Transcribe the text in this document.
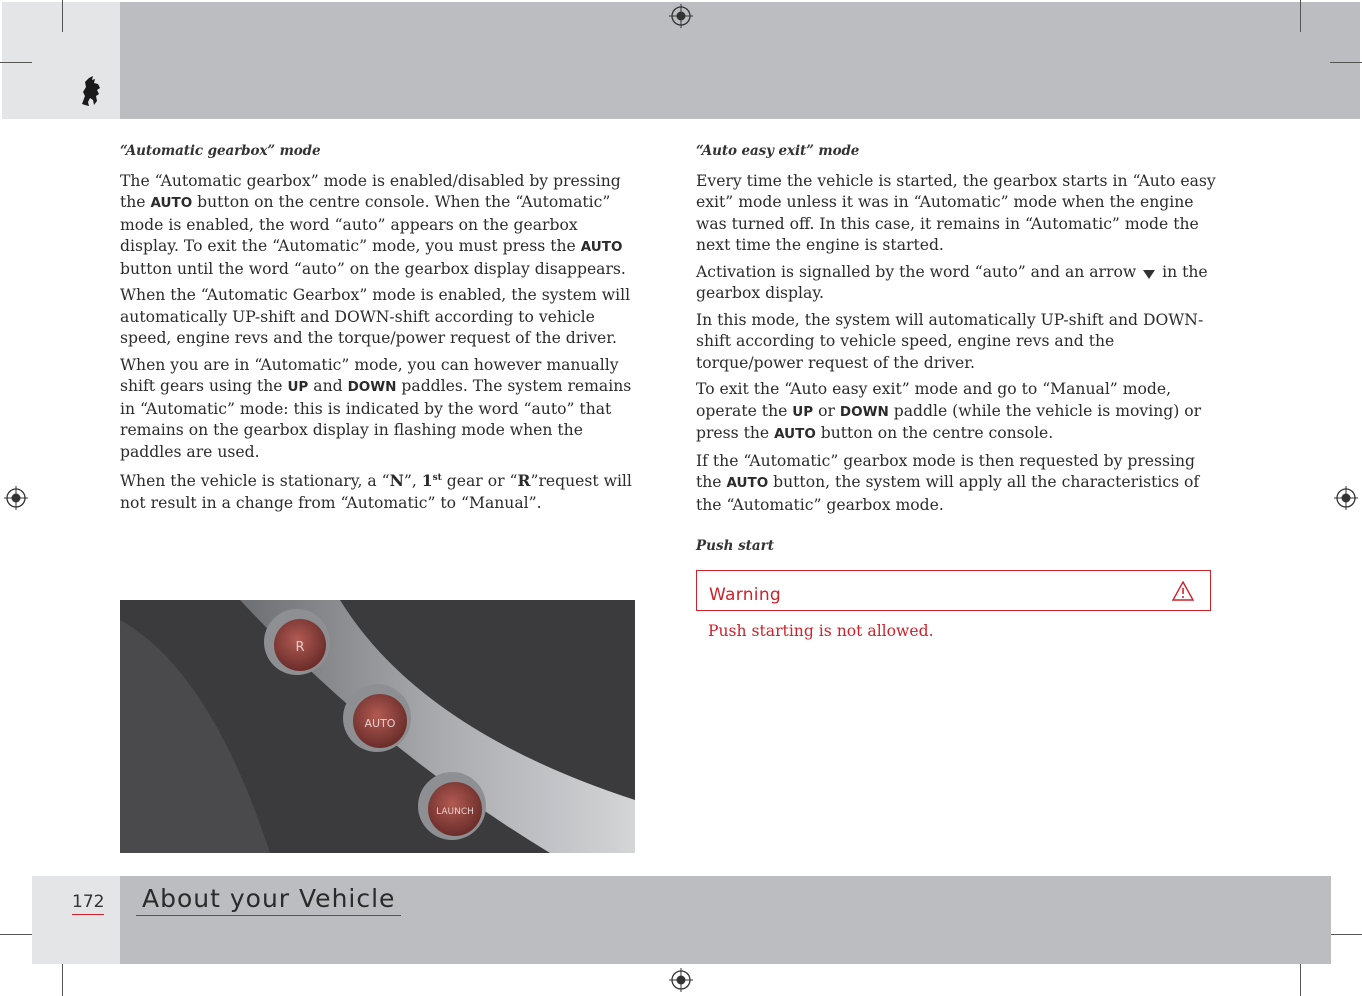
“Automatic gearbox” mode

The “Automatic gearbox” mode is enabled/disabled by pressing the AUTO button on the centre console. When the “Automatic” mode is enabled, the word “auto” appears on the gearbox display. To exit the “Automatic” mode, you must press the AUTO button until the word “auto” on the gearbox display disappears.

When the “Automatic Gearbox” mode is enabled, the system will automatically UP-shift and DOWN-shift according to vehicle speed, engine revs and the torque/power request of the driver.

When you are in “Automatic” mode, you can however manually shift gears using the UP and DOWN paddles. The system remains in “Automatic” mode: this is indicated by the word “auto” that remains on the gearbox display in flashing mode when the paddles are used.

When the vehicle is stationary, a “N”, 1st gear or “R”request will not result in a change from “Automatic” to “Manual”.

“Auto easy exit” mode

Every time the vehicle is started, the gearbox starts in “Auto easy exit” mode unless it was in “Automatic” mode when the engine was turned off. In this case, it remains in “Automatic” mode the next time the engine is started.

Activation is signalled by the word “auto” and an arrow  in the gearbox display.

In this mode, the system will automatically UP-shift and DOWN-shift according to vehicle speed, engine revs and the torque/power request of the driver.

To exit the “Auto easy exit” mode and go to “Manual” mode, operate the UP or DOWN paddle (while the vehicle is moving) or press the AUTO button on the centre console.

If the “Automatic” gearbox mode is then requested by pressing the AUTO button, the system will apply all the characteristics of the “Automatic” gearbox mode.

Push start
Warning
Push starting is not allowed.
R
AUTO
LAUNCH
172 About your Vehicle
